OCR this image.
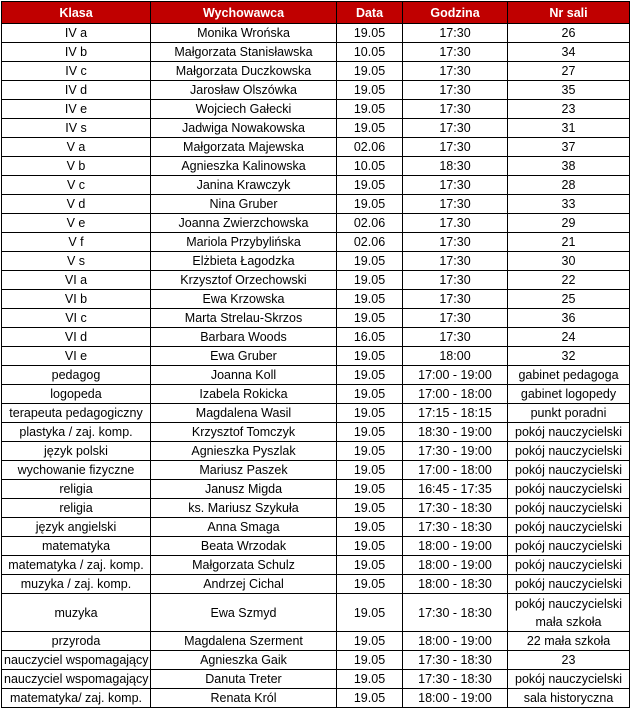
Klasa	Wychowawca	Data	Godzina	Nr sali
IV a	Monika Wrońska	19.05	17:30	26
IV b	Małgorzata Stanisławska	10.05	17:30	34
IV c	Małgorzata Duczkowska	19.05	17:30	27
IV d	Jarosław Olszówka	19.05	17:30	35
IV e	Wojciech Gałecki	19.05	17:30	23
IV s	Jadwiga Nowakowska	19.05	17:30	31
V a	Małgorzata Majewska	02.06	17:30	37
V b	Agnieszka Kalinowska	10.05	18:30	38
V c	Janina Krawczyk	19.05	17:30	28
V d	Nina Gruber	19.05	17:30	33
V e	Joanna Zwierzchowska	02.06	17.30	29
V f	Mariola Przybylińska	02.06	17:30	21
V s	Elżbieta Łagodzka	19.05	17:30	30
VI a	Krzysztof Orzechowski	19.05	17:30	22
VI b	Ewa Krzowska	19.05	17:30	25
VI c	Marta Strelau-Skrzos	19.05	17:30	36
VI d	Barbara Woods	16.05	17:30	24
VI e	Ewa Gruber	19.05	18:00	32
pedagog	Joanna Koll	19.05	17:00 - 19:00	gabinet pedagoga
logopeda	Izabela Rokicka	19.05	17:00 - 18:00	gabinet logopedy
terapeuta pedagogiczny	Magdalena Wasil	19.05	17:15 - 18:15	punkt poradni
plastyka / zaj. komp.	Krzysztof Tomczyk	19.05	18:30 - 19:00	pokój nauczycielski
język polski	Agnieszka Pyszlak	19.05	17:30 - 19:00	pokój nauczycielski
wychowanie fizyczne	Mariusz Paszek	19.05	17:00 - 18:00	pokój nauczycielski
religia	Janusz Migda	19.05	16:45 - 17:35	pokój nauczycielski
religia	ks. Mariusz Szykuła	19.05	17:30 - 18:30	pokój nauczycielski
język angielski	Anna Smaga	19.05	17:30 - 18:30	pokój nauczycielski
matematyka	Beata Wrzodak	19.05	18:00 - 19:00	pokój nauczycielski
matematyka / zaj. komp.	Małgorzata Schulz	19.05	18:00 - 19:00	pokój nauczycielski
muzyka / zaj. komp.	Andrzej Cichal	19.05	18:00 - 18:30	pokój nauczycielski
muzyka	Ewa Szmyd	19.05	17:30 - 18:30	pokój nauczycielski mała szkoła
przyroda	Magdalena Szerment	19.05	18:00 - 19:00	22 mała szkoła
nauczyciel wspomagający	Agnieszka Gaik	19.05	17:30 - 18:30	23
nauczyciel wspomagający	Danuta Treter	19.05	17:30 - 18:30	pokój nauczycielski
matematyka/ zaj. komp.	Renata Król	19.05	18:00 - 19:00	sala historyczna
